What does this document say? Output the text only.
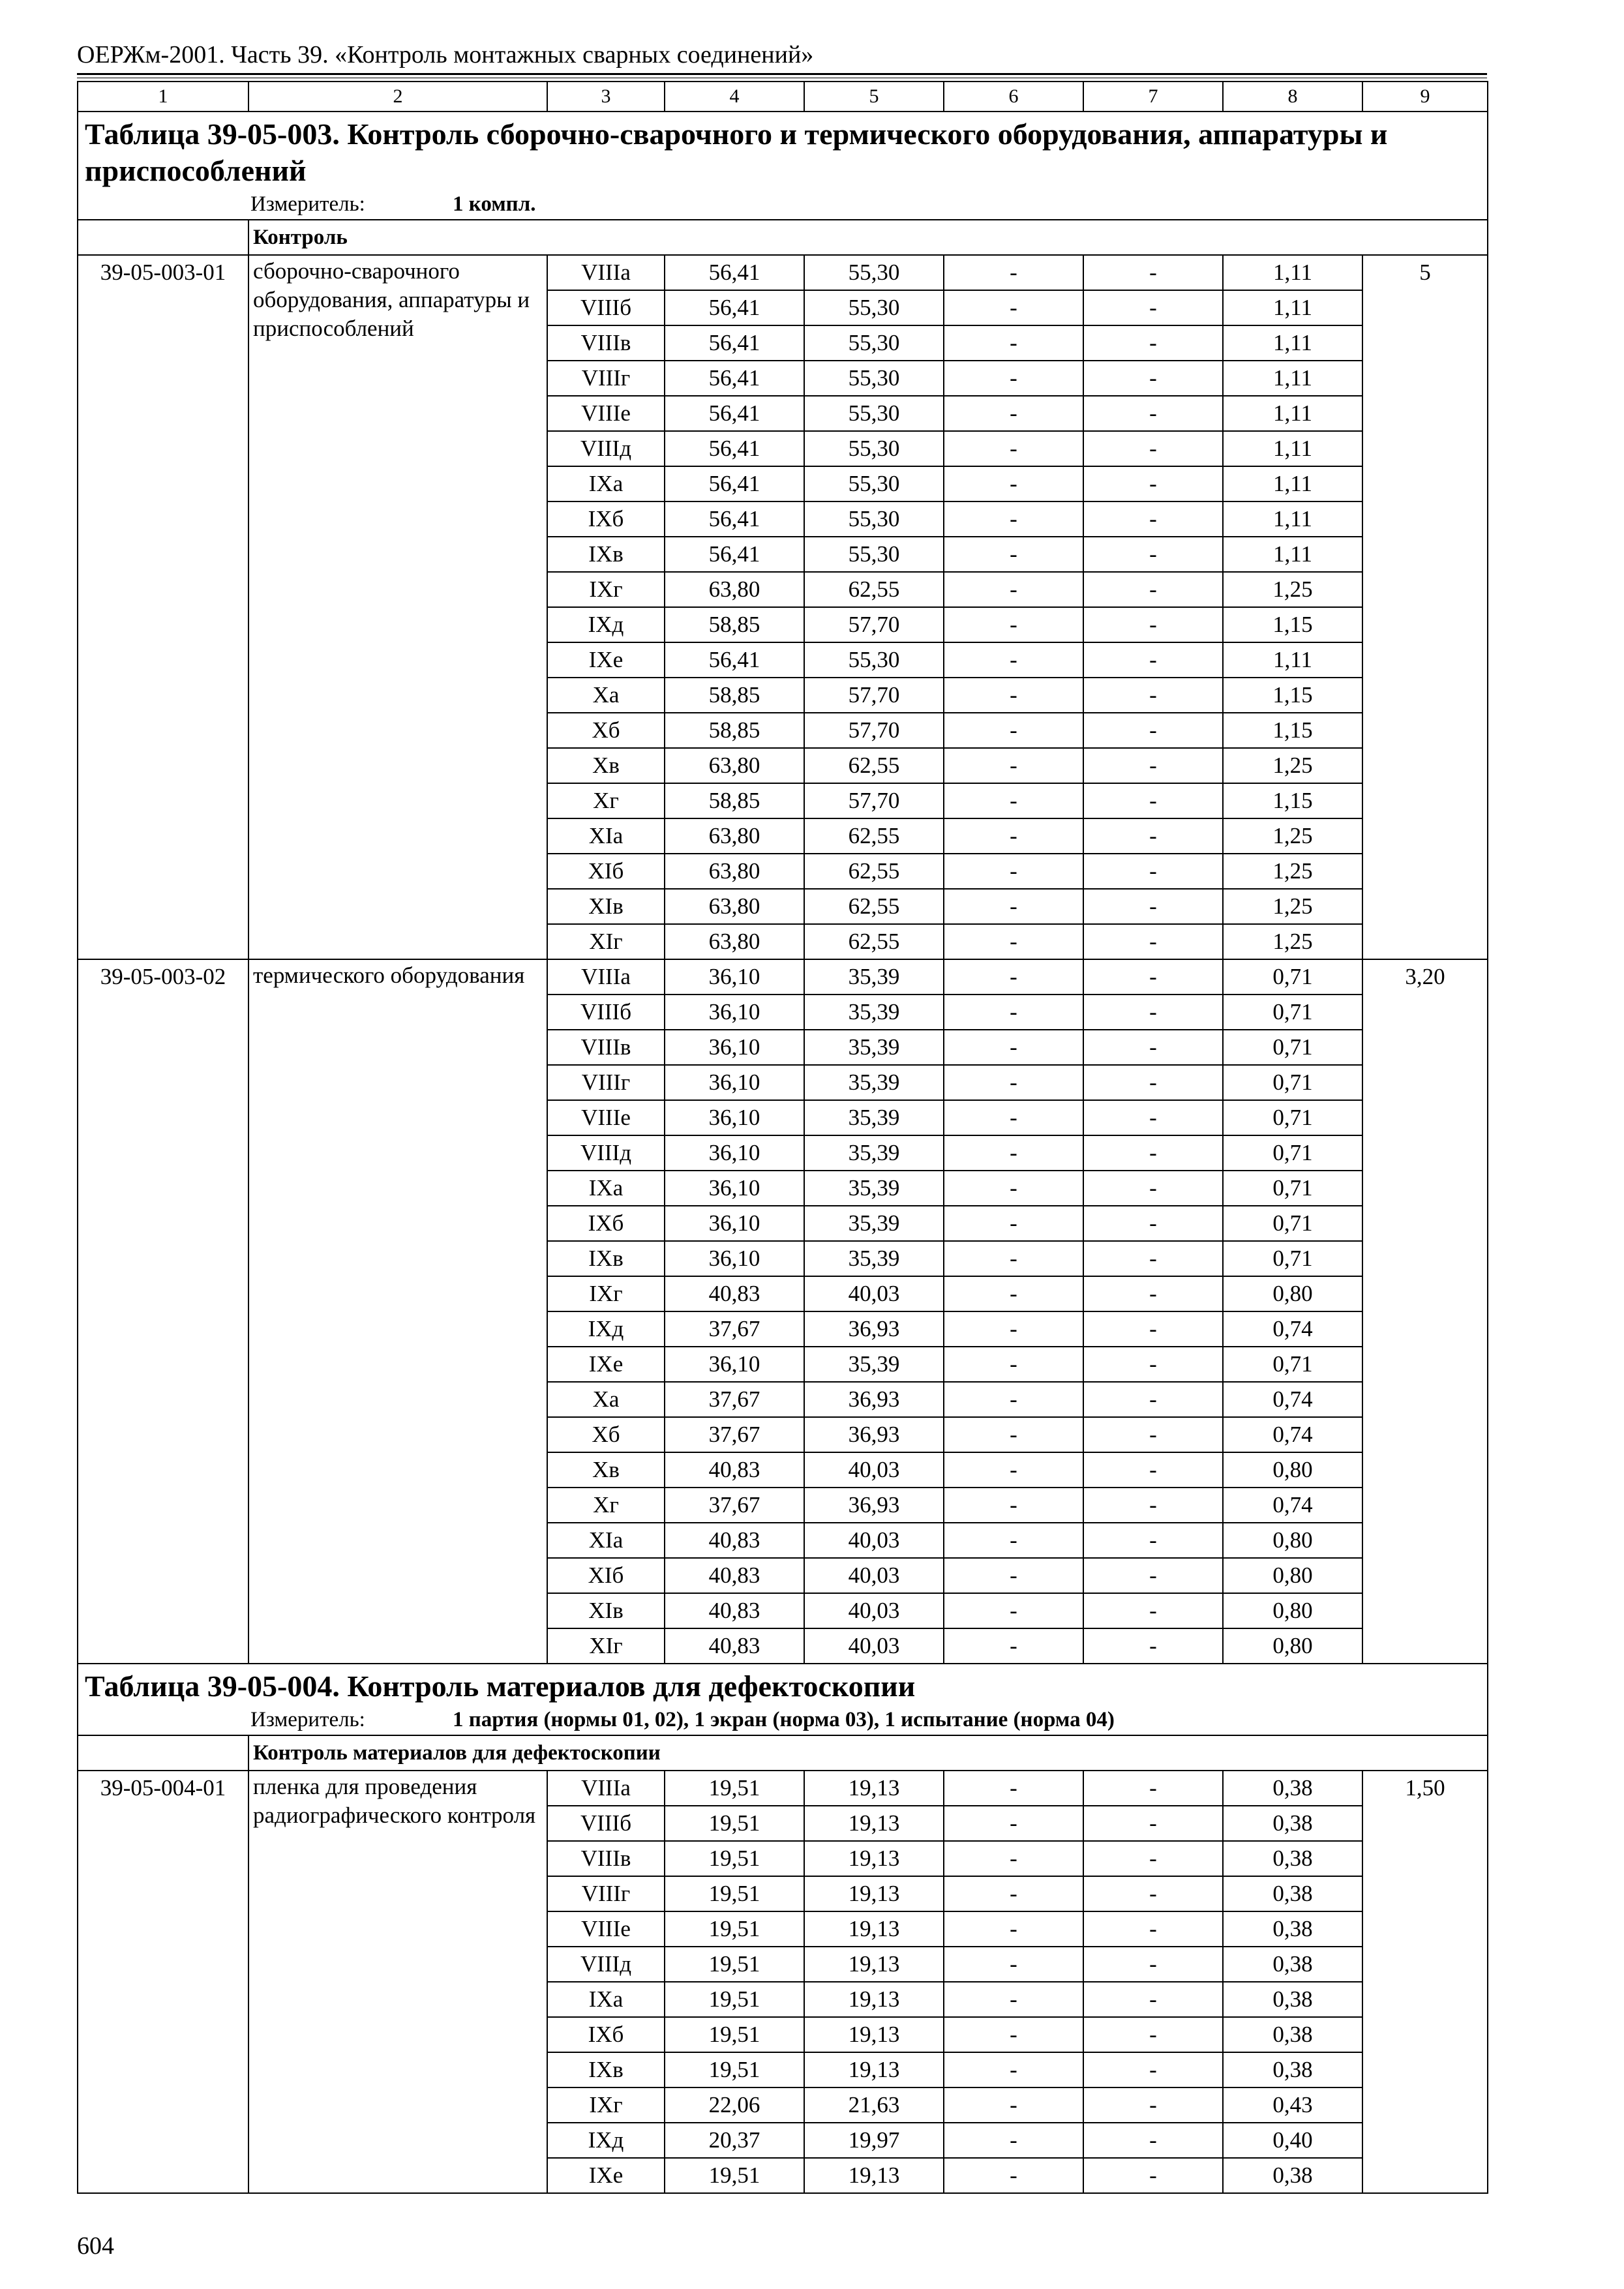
ОЕРЖм-2001. Часть 39. «Контроль монтажных сварных соединений»
1	2	3	4	5	6	7	8	9
Таблица 39-05-003. Контроль сборочно-сварочного и термического оборудования, аппаратуры и приспособлений								
Измеритель: 1 компл.								
	Контроль							
39-05-003-01	сборочно-сварочного оборудования, аппаратуры и приспособлений	VIIIа	56,41	55,30	-	-	1,11	5
		VIIIб	56,41	55,30	-	-	1,11	
		VIIIв	56,41	55,30	-	-	1,11	
		VIIIг	56,41	55,30	-	-	1,11	
		VIIIе	56,41	55,30	-	-	1,11	
		VIIIд	56,41	55,30	-	-	1,11	
		IXа	56,41	55,30	-	-	1,11	
		IXб	56,41	55,30	-	-	1,11	
		IXв	56,41	55,30	-	-	1,11	
		IXг	63,80	62,55	-	-	1,25	
		IXд	58,85	57,70	-	-	1,15	
		IXе	56,41	55,30	-	-	1,11	
		Xа	58,85	57,70	-	-	1,15	
		Xб	58,85	57,70	-	-	1,15	
		Xв	63,80	62,55	-	-	1,25	
		Xг	58,85	57,70	-	-	1,15	
		XIа	63,80	62,55	-	-	1,25	
		XIб	63,80	62,55	-	-	1,25	
		XIв	63,80	62,55	-	-	1,25	
		XIг	63,80	62,55	-	-	1,25	
39-05-003-02	термического оборудования	VIIIа	36,10	35,39	-	-	0,71	3,20
		VIIIб	36,10	35,39	-	-	0,71	
		VIIIв	36,10	35,39	-	-	0,71	
		VIIIг	36,10	35,39	-	-	0,71	
		VIIIе	36,10	35,39	-	-	0,71	
		VIIIд	36,10	35,39	-	-	0,71	
		IXа	36,10	35,39	-	-	0,71	
		IXб	36,10	35,39	-	-	0,71	
		IXв	36,10	35,39	-	-	0,71	
		IXг	40,83	40,03	-	-	0,80	
		IXд	37,67	36,93	-	-	0,74	
		IXе	36,10	35,39	-	-	0,71	
		Xа	37,67	36,93	-	-	0,74	
		Xб	37,67	36,93	-	-	0,74	
		Xв	40,83	40,03	-	-	0,80	
		Xг	37,67	36,93	-	-	0,74	
		XIа	40,83	40,03	-	-	0,80	
		XIб	40,83	40,03	-	-	0,80	
		XIв	40,83	40,03	-	-	0,80	
		XIг	40,83	40,03	-	-	0,80	
Таблица 39-05-004. Контроль материалов для дефектоскопии								
Измеритель: 1 партия (нормы 01, 02), 1 экран (норма 03), 1 испытание (норма 04)								
	Контроль материалов для дефектоскопии							
39-05-004-01	пленка для проведения радиографического контроля	VIIIа	19,51	19,13	-	-	0,38	1,50
		VIIIб	19,51	19,13	-	-	0,38	
		VIIIв	19,51	19,13	-	-	0,38	
		VIIIг	19,51	19,13	-	-	0,38	
		VIIIе	19,51	19,13	-	-	0,38	
		VIIIд	19,51	19,13	-	-	0,38	
		IXа	19,51	19,13	-	-	0,38	
		IXб	19,51	19,13	-	-	0,38	
		IXв	19,51	19,13	-	-	0,38	
		IXг	22,06	21,63	-	-	0,43	
		IXд	20,37	19,97	-	-	0,40	
		IXе	19,51	19,13	-	-	0,38	
604
